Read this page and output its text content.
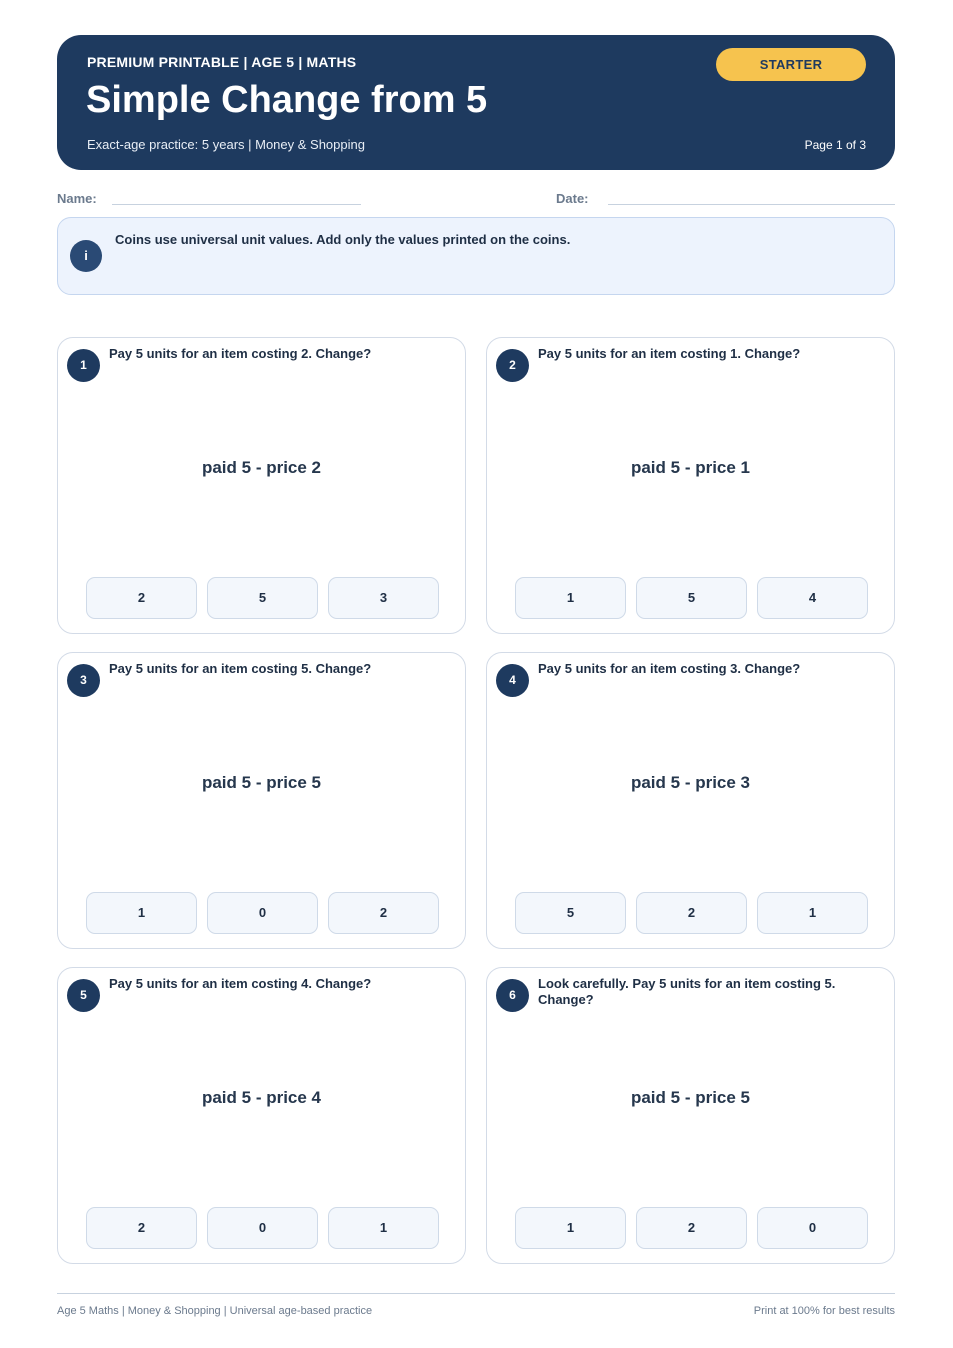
PREMIUM PRINTABLE | AGE 5 | MATHS
Simple Change from 5
Exact-age practice: 5 years | Money & Shopping
STARTER
Page 1 of 3
Name:	Date:
i
Coins use universal unit values. Add only the values printed on the coins.
1
Pay 5 units for an item costing 2. Change?
paid 5 - price 2
2	5	3
2
Pay 5 units for an item costing 1. Change?
paid 5 - price 1
1	5	4
3
Pay 5 units for an item costing 5. Change?
paid 5 - price 5
1	0	2
4
Pay 5 units for an item costing 3. Change?
paid 5 - price 3
5	2	1
5
Pay 5 units for an item costing 4. Change?
paid 5 - price 4
2	0	1
6
Look carefully. Pay 5 units for an item costing 5. Change?
paid 5 - price 5
1	2	0
Age 5 Maths | Money & Shopping | Universal age-based practice	Print at 100% for best results
